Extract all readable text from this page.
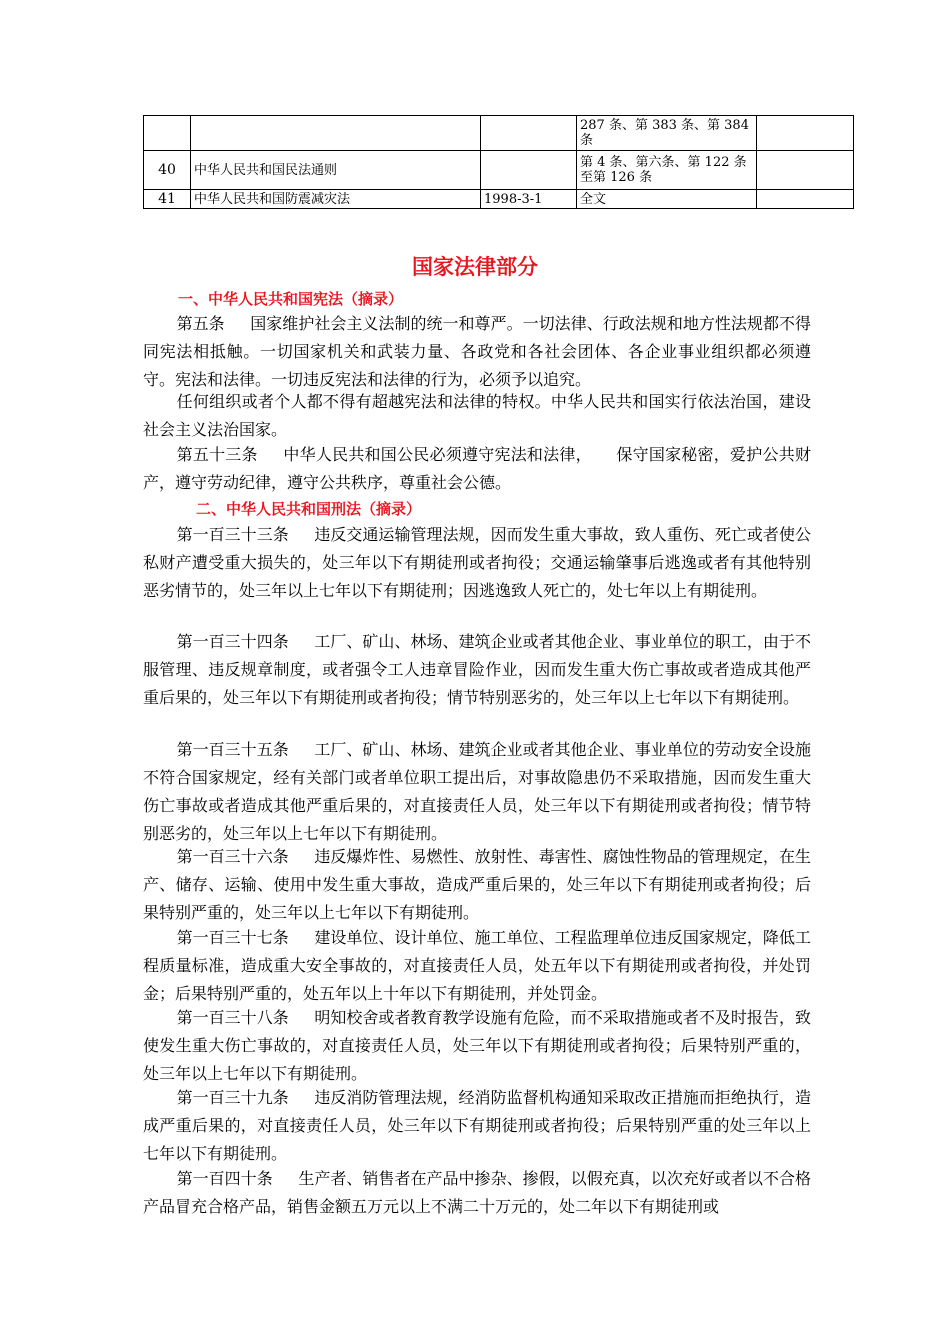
			287 条、第 383 条、第 384 条	
40	中华人民共和国民法通则		第 4 条、第六条、第 122 条至第 126 条	
41	中华人民共和国防震减灾法	1998-3-1	全文	
国家法律部分
一、中华人民共和国宪法（摘录）
二、中华人民共和国刑法（摘录）

第五条 国家维护社会主义法制的统一和尊严。一切法律、行政法规和地方性法规都不得同宪法相抵触。一切国家机关和武装力量、各政党和各社会团体、各企业事业组织都必须遵守。宪法和法律。一切违反宪法和法律的行为，必须予以追究。

任何组织或者个人都不得有超越宪法和法律的特权。中华人民共和国实行依法治国，建设社会主义法治国家。

第五十三条 中华人民共和国公民必须遵守宪法和法律，　　保守国家秘密，爱护公共财产，遵守劳动纪律，遵守公共秩序，尊重社会公德。

第一百三十三条 违反交通运输管理法规，因而发生重大事故，致人重伤、死亡或者使公私财产遭受重大损失的，处三年以下有期徒刑或者拘役；交通运输肇事后逃逸或者有其他特别恶劣情节的，处三年以上七年以下有期徒刑；因逃逸致人死亡的，处七年以上有期徒刑。

第一百三十四条 工厂、矿山、林场、建筑企业或者其他企业、事业单位的职工，由于不服管理、违反规章制度，或者强令工人违章冒险作业，因而发生重大伤亡事故或者造成其他严重后果的，处三年以下有期徒刑或者拘役；情节特别恶劣的，处三年以上七年以下有期徒刑。

第一百三十五条 工厂、矿山、林场、建筑企业或者其他企业、事业单位的劳动安全设施不符合国家规定，经有关部门或者单位职工提出后，对事故隐患仍不采取措施，因而发生重大伤亡事故或者造成其他严重后果的，对直接责任人员，处三年以下有期徒刑或者拘役；情节特别恶劣的，处三年以上七年以下有期徒刑。

第一百三十六条 违反爆炸性、易燃性、放射性、毒害性、腐蚀性物品的管理规定，在生产、储存、运输、使用中发生重大事故，造成严重后果的，处三年以下有期徒刑或者拘役；后果特别严重的，处三年以上七年以下有期徒刑。

第一百三十七条 建设单位、设计单位、施工单位、工程监理单位违反国家规定，降低工程质量标准，造成重大安全事故的，对直接责任人员，处五年以下有期徒刑或者拘役，并处罚金；后果特别严重的，处五年以上十年以下有期徒刑，并处罚金。

第一百三十八条 明知校舍或者教育教学设施有危险，而不采取措施或者不及时报告，致使发生重大伤亡事故的，对直接责任人员，处三年以下有期徒刑或者拘役；后果特别严重的，处三年以上七年以下有期徒刑。

第一百三十九条 违反消防管理法规，经消防监督机构通知采取改正措施而拒绝执行，造成严重后果的，对直接责任人员，处三年以下有期徒刑或者拘役；后果特别严重的处三年以上七年以下有期徒刑。

第一百四十条 生产者、销售者在产品中掺杂、掺假，以假充真，以次充好或者以不合格产品冒充合格产品，销售金额五万元以上不满二十万元的，处二年以下有期徒刑或
